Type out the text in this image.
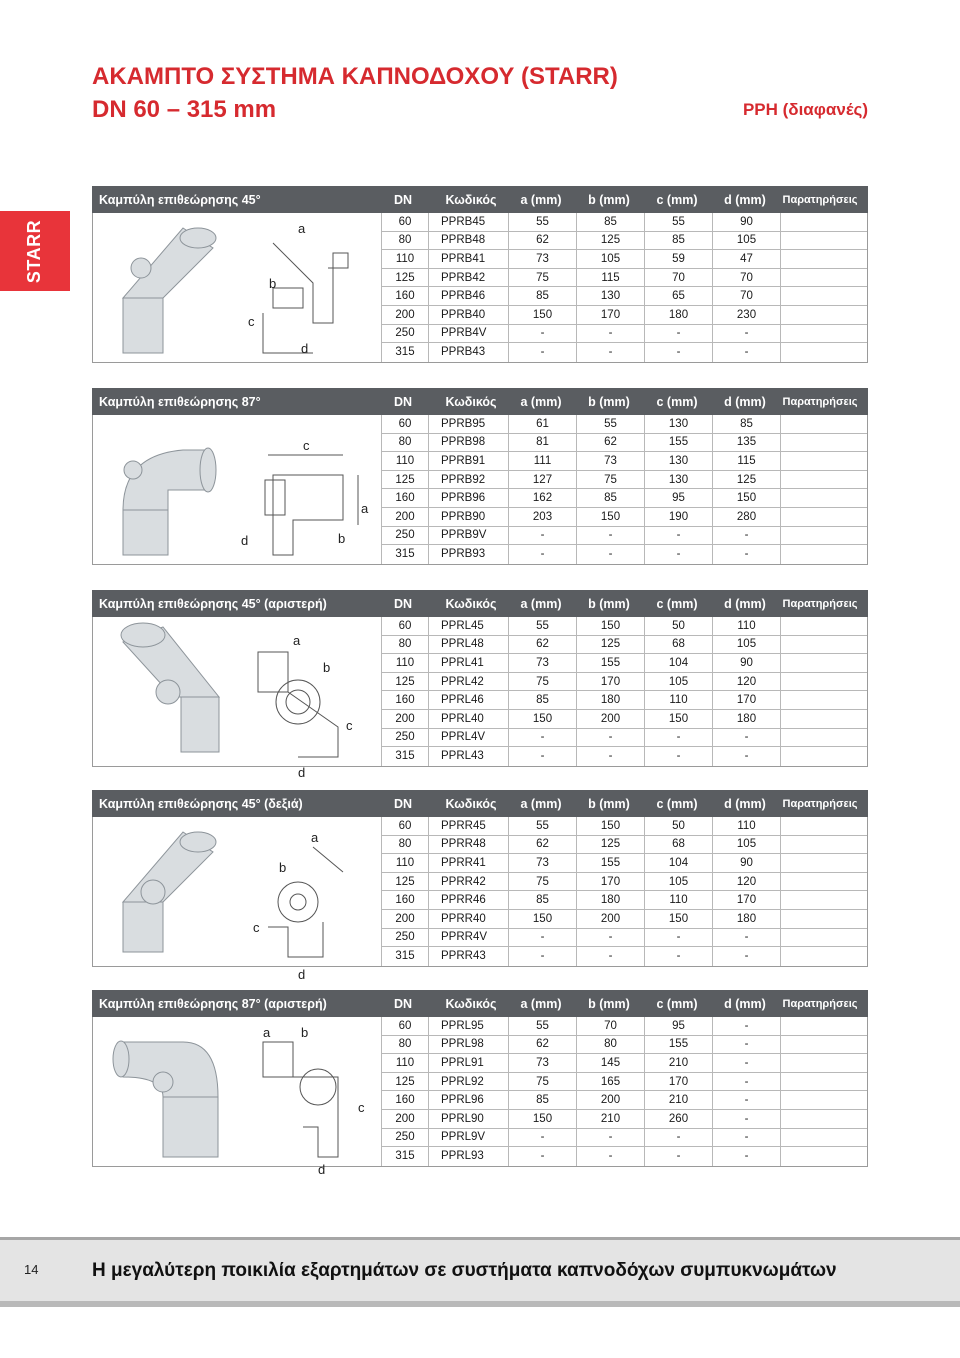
ΑΚΑΜΠΤΟ ΣΥΣΤΗΜΑ ΚΑΠΝΟΔΟΧΟΥ (STARR)
DN 60 – 315 mm	PPH (διαφανές)
STARR
Καμπύλη επιθεώρησης 45°	DN	Κωδικός	a (mm)	b (mm)	c (mm)	d (mm)	Παρατηρήσεις
a
b
c
d
60	PPRB45	55	85	55	90
80	PPRB48	62	125	85	105
110	PPRB41	73	105	59	47
125	PPRB42	75	115	70	70
160	PPRB46	85	130	65	70
200	PPRB40	150	170	180	230
250	PPRB4V	-	-	-	-
315	PPRB43	-	-	-	-
Καμπύλη επιθεώρησης 87°	DN	Κωδικός	a (mm)	b (mm)	c (mm)	d (mm)	Παρατηρήσεις
c
a
b
d
60	PPRB95	61	55	130	85
80	PPRB98	81	62	155	135
110	PPRB91	111	73	130	115
125	PPRB92	127	75	130	125
160	PPRB96	162	85	95	150
200	PPRB90	203	150	190	280
250	PPRB9V	-	-	-	-
315	PPRB93	-	-	-	-
Καμπύλη επιθεώρησης 45° (αριστερή)	DN	Κωδικός	a (mm)	b (mm)	c (mm)	d (mm)	Παρατηρήσεις
a
b
c
d
60	PPRL45	55	150	50	110
80	PPRL48	62	125	68	105
110	PPRL41	73	155	104	90
125	PPRL42	75	170	105	120
160	PPRL46	85	180	110	170
200	PPRL40	150	200	150	180
250	PPRL4V	-	-	-	-
315	PPRL43	-	-	-	-
Καμπύλη επιθεώρησης 45° (δεξιά)	DN	Κωδικός	a (mm)	b (mm)	c (mm)	d (mm)	Παρατηρήσεις
a
b
c
d
60	PPRR45	55	150	50	110
80	PPRR48	62	125	68	105
110	PPRR41	73	155	104	90
125	PPRR42	75	170	105	120
160	PPRR46	85	180	110	170
200	PPRR40	150	200	150	180
250	PPRR4V	-	-	-	-
315	PPRR43	-	-	-	-
Καμπύλη επιθεώρησης 87° (αριστερή)	DN	Κωδικός	a (mm)	b (mm)	c (mm)	d (mm)	Παρατηρήσεις
a b
c
d
60	PPRL95	55	70	95	-
80	PPRL98	62	80	155	-
110	PPRL91	73	145	210	-
125	PPRL92	75	165	170	-
160	PPRL96	85	200	210	-
200	PPRL90	150	210	260	-
250	PPRL9V	-	-	-	-
315	PPRL93	-	-	-	-
14	Η μεγαλύτερη ποικιλία εξαρτημάτων σε συστήματα καπνοδόχων συμπυκνωμάτων
